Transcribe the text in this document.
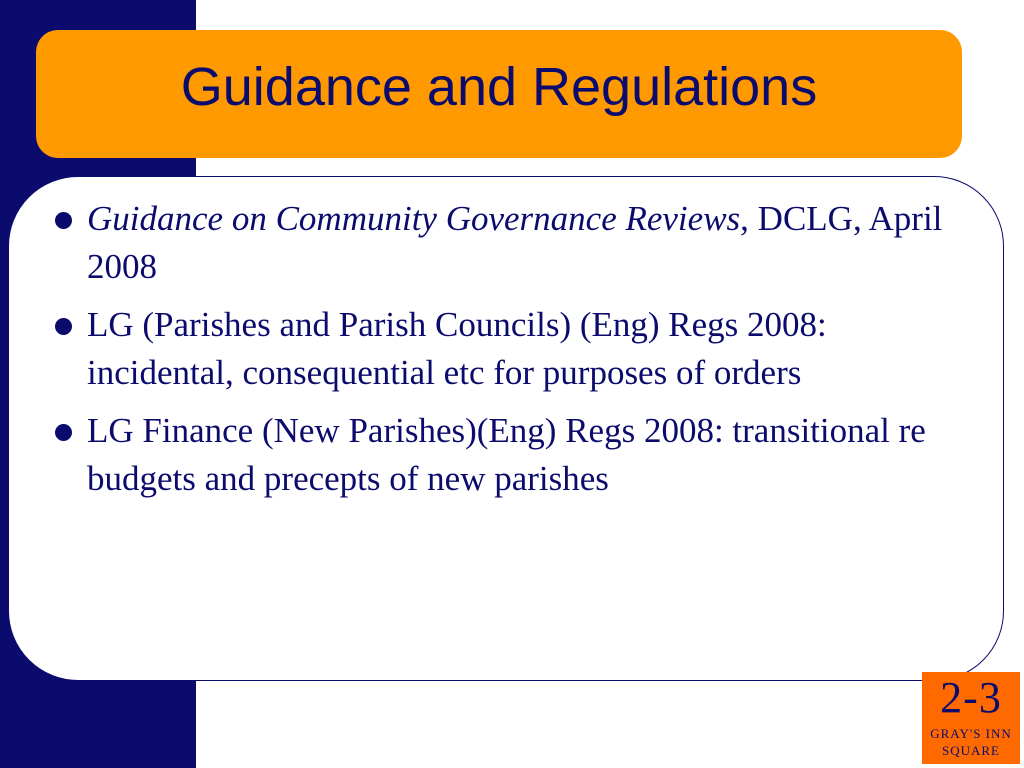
Guidance and Regulations
Guidance on Community Governance Reviews, DCLG, April 2008
LG (Parishes and Parish Councils) (Eng) Regs 2008: incidental, consequential etc for purposes of orders
LG Finance (New Parishes)(Eng) Regs 2008: transitional re budgets and precepts of new parishes
2-3
GRAY'S INN
SQUARE
